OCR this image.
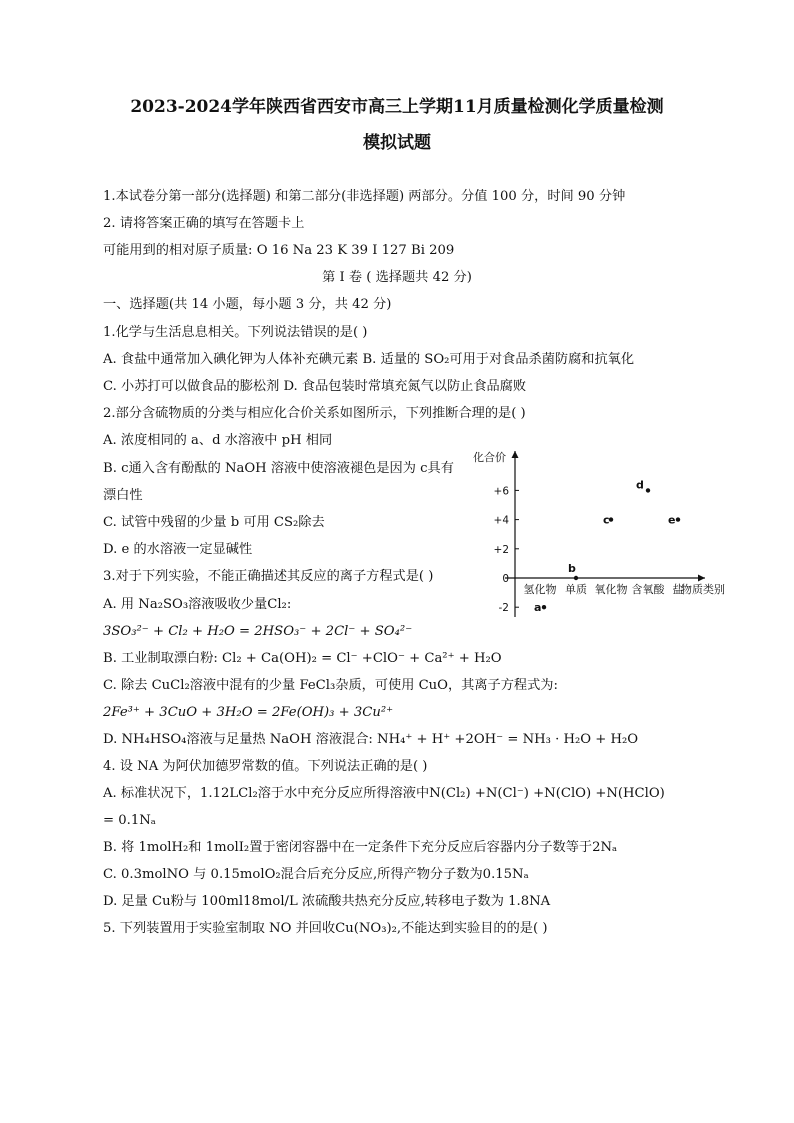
2023-2024学年陕西省西安市高三上学期11月质量检测化学质量检测
模拟试题
1.本试卷分第一部分(选择题) 和第二部分(非选择题) 两部分。分值 100 分，时间 90 分钟
2. 请将答案正确的填写在答题卡上
可能用到的相对原子质量: O 16 Na 23 K 39 I 127 Bi 209
第 I 卷 ( 选择题共 42 分)
一、选择题(共 14 小题，每小题 3 分，共 42 分)
1.化学与生活息息相关。下列说法错误的是( )
A. 食盐中通常加入碘化钾为人体补充碘元素 B. 适量的 SO₂可用于对食品杀菌防腐和抗氧化
C. 小苏打可以做食品的膨松剂 D. 食品包装时常填充氮气以防止食品腐败
2.部分含硫物质的分类与相应化合价关系如图所示，下列推断合理的是( )
A. 浓度相同的 a、d 水溶液中 pH 相同
B. c通入含有酚酞的 NaOH 溶液中使溶液褪色是因为 c具有
漂白性
C. 试管中残留的少量 b 可用 CS₂除去
D. e 的水溶液一定显碱性
化合价
物质类别
+6
+4
+2
0
-2
氢化物 单质 氧化物 含氧酸 盐
a
b
c
d
e
3.对于下列实验，不能正确描述其反应的离子方程式是( )
A. 用 Na₂SO₃溶液吸收少量Cl₂:
3SO₃²⁻ + Cl₂ + H₂O = 2HSO₃⁻ + 2Cl⁻ + SO₄²⁻
B. 工业制取漂白粉: Cl₂ + Ca(OH)₂ = Cl⁻ +ClO⁻ + Ca²⁺ + H₂O
C. 除去 CuCl₂溶液中混有的少量 FeCl₃杂质，可使用 CuO，其离子方程式为:
2Fe³⁺ + 3CuO + 3H₂O = 2Fe(OH)₃ + 3Cu²⁺
D. NH₄HSO₄溶液与足量热 NaOH 溶液混合: NH₄⁺ + H⁺ +2OH⁻ = NH₃ · H₂O + H₂O
4. 设 NA 为阿伏加德罗常数的值。下列说法正确的是( )
A. 标准状况下，1.12LCl₂溶于水中充分反应所得溶液中N(Cl₂) +N(Cl⁻) +N(ClO) +N(HClO)
= 0.1Nₐ
B. 将 1molH₂和 1molI₂置于密闭容器中在一定条件下充分反应后容器内分子数等于2Nₐ
C. 0.3molNO 与 0.15molO₂混合后充分反应,所得产物分子数为0.15Nₐ
D. 足量 Cu粉与 100ml18mol/L 浓硫酸共热充分反应,转移电子数为 1.8NA
5. 下列装置用于实验室制取 NO 并回收Cu(NO₃)₂,不能达到实验目的的是( )
